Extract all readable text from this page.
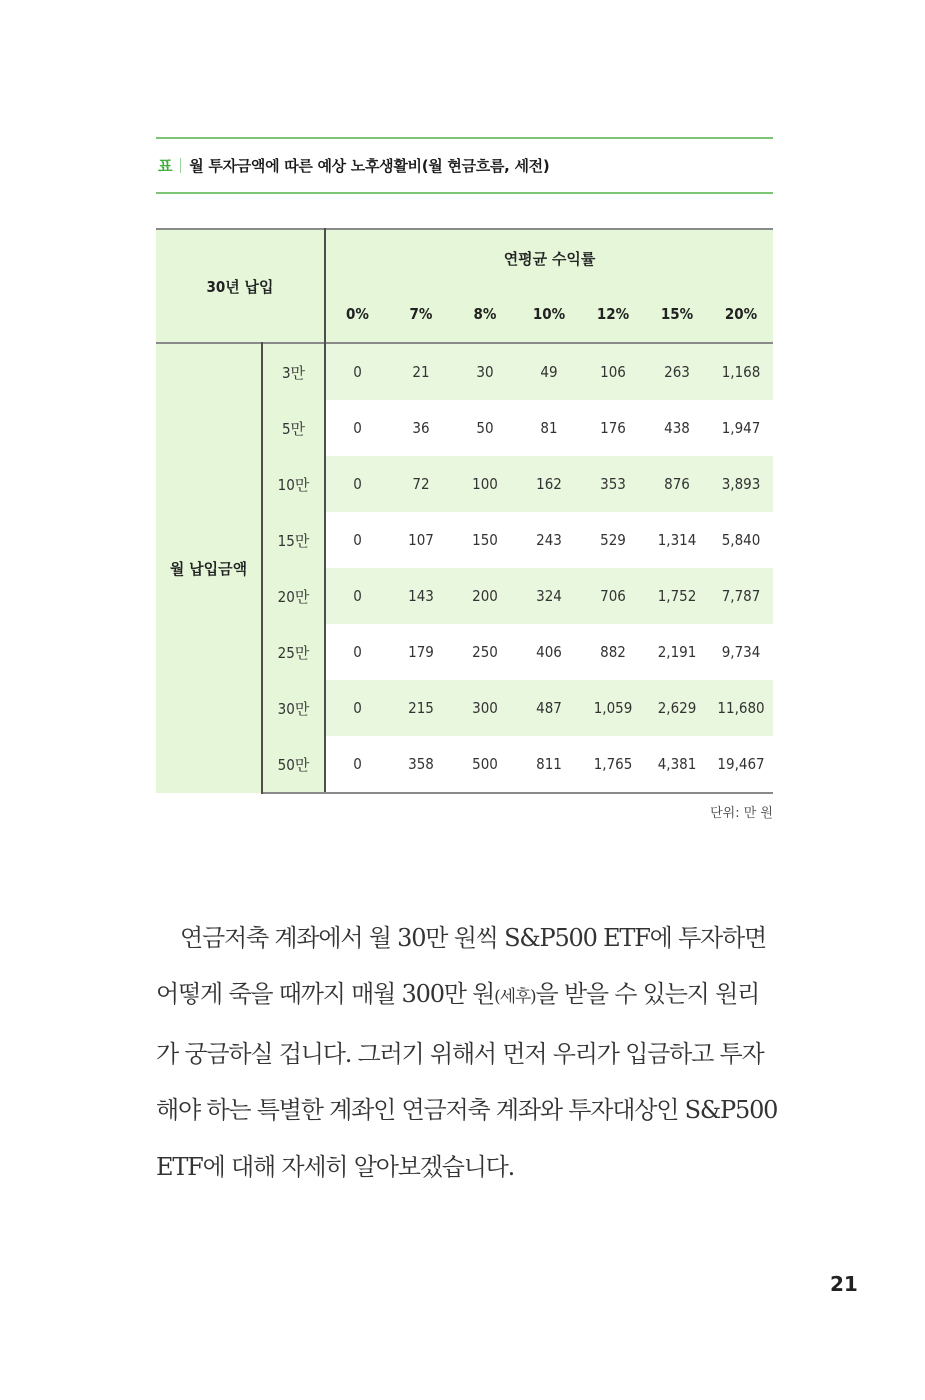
표 월 투자금액에 따른 예상 노후생활비(월 현금흐름, 세전)
30년 납입		연평균 수익률						
		0%	7%	8%	10%	12%	15%	20%
월 납입금액	3만	0	21	30	49	106	263	1,168
	5만	0	36	50	81	176	438	1,947
	10만	0	72	100	162	353	876	3,893
	15만	0	107	150	243	529	1,314	5,840
	20만	0	143	200	324	706	1,752	7,787
	25만	0	179	250	406	882	2,191	9,734
	30만	0	215	300	487	1,059	2,629	11,680
	50만	0	358	500	811	1,765	4,381	19,467
단위: 만 원
연금저축 계좌에서 월 30만 원씩 S&P500 ETF에 투자하면
어떻게 죽을 때까지 매월 300만 원(세후)을 받을 수 있는지 원리
가 궁금하실 겁니다. 그러기 위해서 먼저 우리가 입금하고 투자
해야 하는 특별한 계좌인 연금저축 계좌와 투자대상인 S&P500
ETF에 대해 자세히 알아보겠습니다.
21
